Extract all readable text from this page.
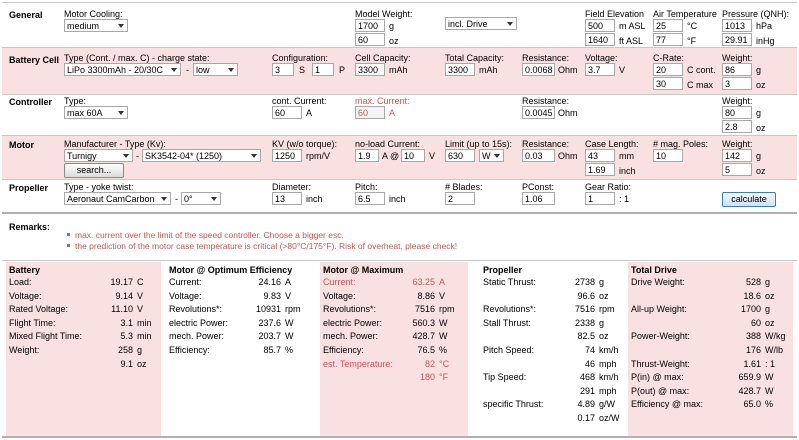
General Motor Cooling:
medium
Model Weight:
1700	g
60	oz
incl. Drive
Field Elevation
500	m ASL
1640	ft ASL
Air Temperature
25	°C
77	°F
Pressure (QNH):
1013	hPa
29.91 inHg
Battery Cell Type (Cont. / max. C) - charge state:
LiPo 3300mAh - 20/30C	- low
Configuration:
3	S	1	P
Cell Capacity:
3300	mAh
Total Capacity:
3300	mAh
Resistance:
0.0068 Ohm
Voltage:
3.7	V
C-Rate:
20	C cont.
30	C max
Weight:
86	g
3	oz
Controller Type:
max 60A
cont. Current:
60	A
max. Current:
60	A
Resistance:
0.0045 Ohm
Weight:
80	g
2.8	oz
Motor	Manufacturer - Type (Kv):
Turnigy	- SK3542-04* (1250)
search...
KV (w/o torque):
1250	rpm/V
no-load Current:
1.9	A @ 10	V
Limit (up to 15s):
630	W
Resistance:
0.03	Ohm
Case Length:
43	mm
1.69	inch
# mag. Poles:
10
Weight:
142	g
5	oz
Propeller Type - yoke twist:
Aeronaut CamCarbon	- 0°
Diameter:
13	inch
Pitch:
6.5	inch
# Blades:
2
PConst:
1.06
Gear Ratio:
1	: 1	calculate
Remarks:
max. current over the limit of the speed controller. Choose a bigger esc.
the prediction of the motor case temperature is critical (>80°C/175°F). Risk of overheat, please check!
Battery
Load:	19.17 C
Voltage:	9.14 V
Rated Voltage:	11.10 V
Flight Time:	3.1 min
Mixed Flight Time:	5.3 min
Weight:	258 g
9.1 oz
Motor @ Optimum Efficiency
Current:	24.16 A
Voltage:	9.83 V
Revolutions*:	10931 rpm
electric Power:	237.6 W
mech. Power:	203.7 W
Efficiency:	85.7 %
Motor @ Maximum
Current:	63.25 A
Voltage:	8.86 V
Revolutions*:	7516 rpm
electric Power:	560.3 W
mech. Power:	428.7 W
Efficiency:	76.5 %
est. Temperature:	82 °C
180 °F
Propeller
Static Thrust:	2738 g
96.6 oz
Revolutions*:	7516 rpm
Stall Thrust:	2338 g
82.5 oz
Pitch Speed:	74 km/h
46 mph
Tip Speed:	468 km/h
291 mph
specific Thrust:	4.89 g/W
0.17 oz/W
Total Drive
Drive Weight:	528 g
18.6 oz
All-up Weight:	1700 g
60 oz
Power-Weight:	388 W/kg
176 W/lb
Thrust-Weight:	1.61 : 1
P(in) @ max:	659.9 W
P(out) @ max:	428.7 W
Efficiency @ max:	65.0 %
